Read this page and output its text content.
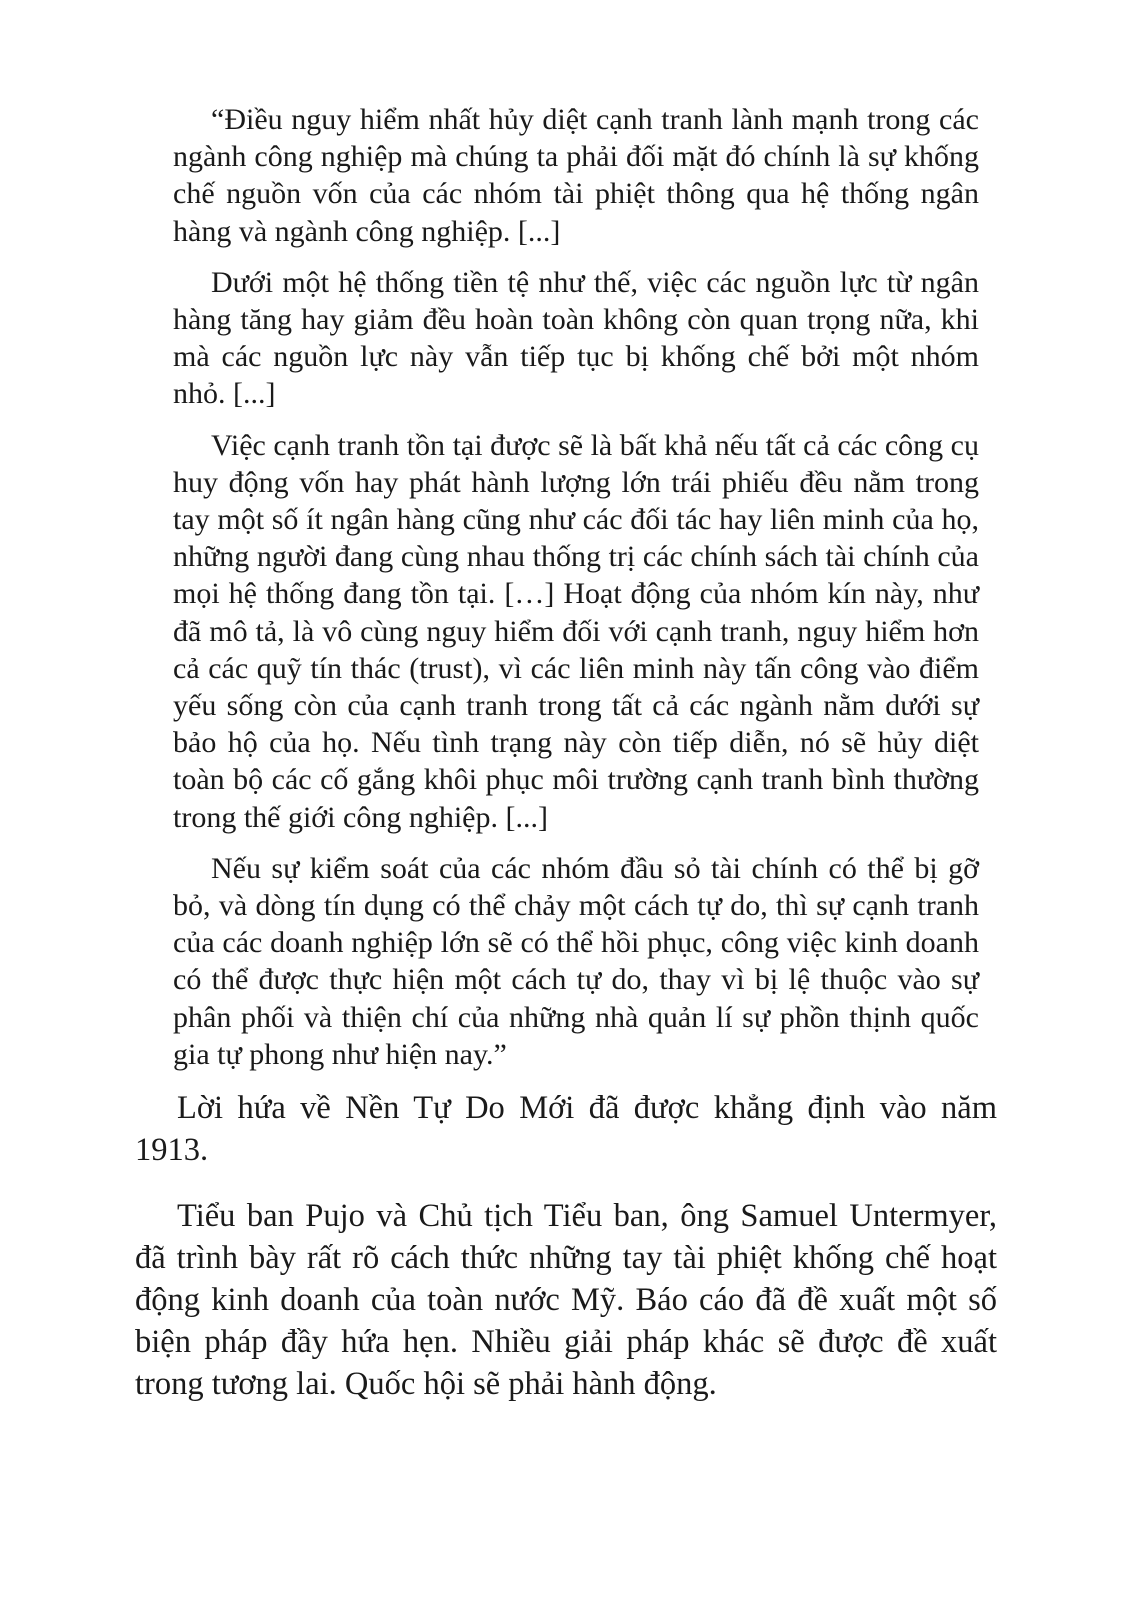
“Điều nguy hiểm nhất hủy diệt cạnh tranh lành mạnh trong các ngành công nghiệp mà chúng ta phải đối mặt đó chính là sự khống chế nguồn vốn của các nhóm tài phiệt thông qua hệ thống ngân hàng và ngành công nghiệp. [...]

Dưới một hệ thống tiền tệ như thế, việc các nguồn lực từ ngân hàng tăng hay giảm đều hoàn toàn không còn quan trọng nữa, khi mà các nguồn lực này vẫn tiếp tục bị khống chế bởi một nhóm nhỏ. [...]

Việc cạnh tranh tồn tại được sẽ là bất khả nếu tất cả các công cụ huy động vốn hay phát hành lượng lớn trái phiếu đều nằm trong tay một số ít ngân hàng cũng như các đối tác hay liên minh của họ, những người đang cùng nhau thống trị các chính sách tài chính của mọi hệ thống đang tồn tại. […] Hoạt động của nhóm kín này, như đã mô tả, là vô cùng nguy hiểm đối với cạnh tranh, nguy hiểm hơn cả các quỹ tín thác (trust), vì các liên minh này tấn công vào điểm yếu sống còn của cạnh tranh trong tất cả các ngành nằm dưới sự bảo hộ của họ. Nếu tình trạng này còn tiếp diễn, nó sẽ hủy diệt toàn bộ các cố gắng khôi phục môi trường cạnh tranh bình thường trong thế giới công nghiệp. [...]

Nếu sự kiểm soát của các nhóm đầu sỏ tài chính có thể bị gỡ bỏ, và dòng tín dụng có thể chảy một cách tự do, thì sự cạnh tranh của các doanh nghiệp lớn sẽ có thể hồi phục, công việc kinh doanh có thể được thực hiện một cách tự do, thay vì bị lệ thuộc vào sự phân phối và thiện chí của những nhà quản lí sự phồn thịnh quốc gia tự phong như hiện nay.”

Lời hứa về Nền Tự Do Mới đã được khẳng định vào năm 1913.

Tiểu ban Pujo và Chủ tịch Tiểu ban, ông Samuel Untermyer, đã trình bày rất rõ cách thức những tay tài phiệt khống chế hoạt động kinh doanh của toàn nước Mỹ. Báo cáo đã đề xuất một số biện pháp đầy hứa hẹn. Nhiều giải pháp khác sẽ được đề xuất trong tương lai. Quốc hội sẽ phải hành động.
